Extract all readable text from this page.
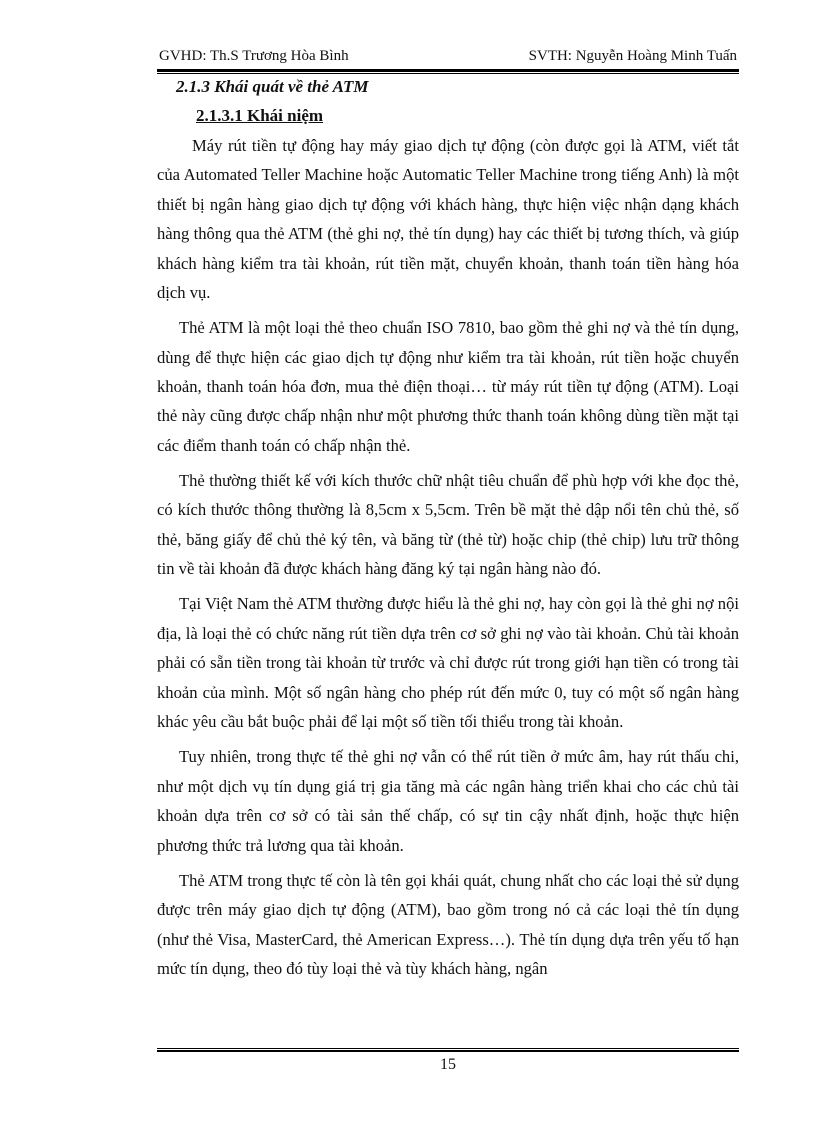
GVHD: Th.S Trương Hòa Bình	SVTH: Nguyễn Hoàng Minh Tuấn

2.1.3 Khái quát về thẻ ATM

2.1.3.1 Khái niệm

Máy rút tiền tự động hay máy giao dịch tự động (còn được gọi là ATM, viết tắt của Automated Teller Machine hoặc Automatic Teller Machine trong tiếng Anh) là một thiết bị ngân hàng giao dịch tự động với khách hàng, thực hiện việc nhận dạng khách hàng thông qua thẻ ATM (thẻ ghi nợ, thẻ tín dụng) hay các thiết bị tương thích, và giúp khách hàng kiểm tra tài khoản, rút tiền mặt, chuyển khoản, thanh toán tiền hàng hóa dịch vụ.

Thẻ ATM là một loại thẻ theo chuẩn ISO 7810, bao gồm thẻ ghi nợ và thẻ tín dụng, dùng để thực hiện các giao dịch tự động như kiểm tra tài khoản, rút tiền hoặc chuyển khoản, thanh toán hóa đơn, mua thẻ điện thoại… từ máy rút tiền tự động (ATM). Loại thẻ này cũng được chấp nhận như một phương thức thanh toán không dùng tiền mặt tại các điểm thanh toán có chấp nhận thẻ.

Thẻ thường thiết kế với kích thước chữ nhật tiêu chuẩn để phù hợp với khe đọc thẻ, có kích thước thông thường là 8,5cm x 5,5cm. Trên bề mặt thẻ dập nổi tên chủ thẻ, số thẻ, băng giấy để chủ thẻ ký tên, và băng từ (thẻ từ) hoặc chip (thẻ chip) lưu trữ thông tin về tài khoản đã được khách hàng đăng ký tại ngân hàng nào đó.

Tại Việt Nam thẻ ATM thường được hiểu là thẻ ghi nợ, hay còn gọi là thẻ ghi nợ nội địa, là loại thẻ có chức năng rút tiền dựa trên cơ sở ghi nợ vào tài khoản. Chủ tài khoản phải có sẵn tiền trong tài khoản từ trước và chỉ được rút trong giới hạn tiền có trong tài khoản của mình. Một số ngân hàng cho phép rút đến mức 0, tuy có một số ngân hàng khác yêu cầu bắt buộc phải để lại một số tiền tối thiểu trong tài khoản.

Tuy nhiên, trong thực tế thẻ ghi nợ vẫn có thể rút tiền ở mức âm, hay rút thấu chi, như một dịch vụ tín dụng giá trị gia tăng mà các ngân hàng triển khai cho các chủ tài khoản dựa trên cơ sở có tài sản thế chấp, có sự tin cậy nhất định, hoặc thực hiện phương thức trả lương qua tài khoản.

Thẻ ATM trong thực tế còn là tên gọi khái quát, chung nhất cho các loại thẻ sử dụng được trên máy giao dịch tự động (ATM), bao gồm trong nó cả các loại thẻ tín dụng (như thẻ Visa, MasterCard, thẻ American Express…). Thẻ tín dụng dựa trên yếu tố hạn mức tín dụng, theo đó tùy loại thẻ và tùy khách hàng, ngân

15
